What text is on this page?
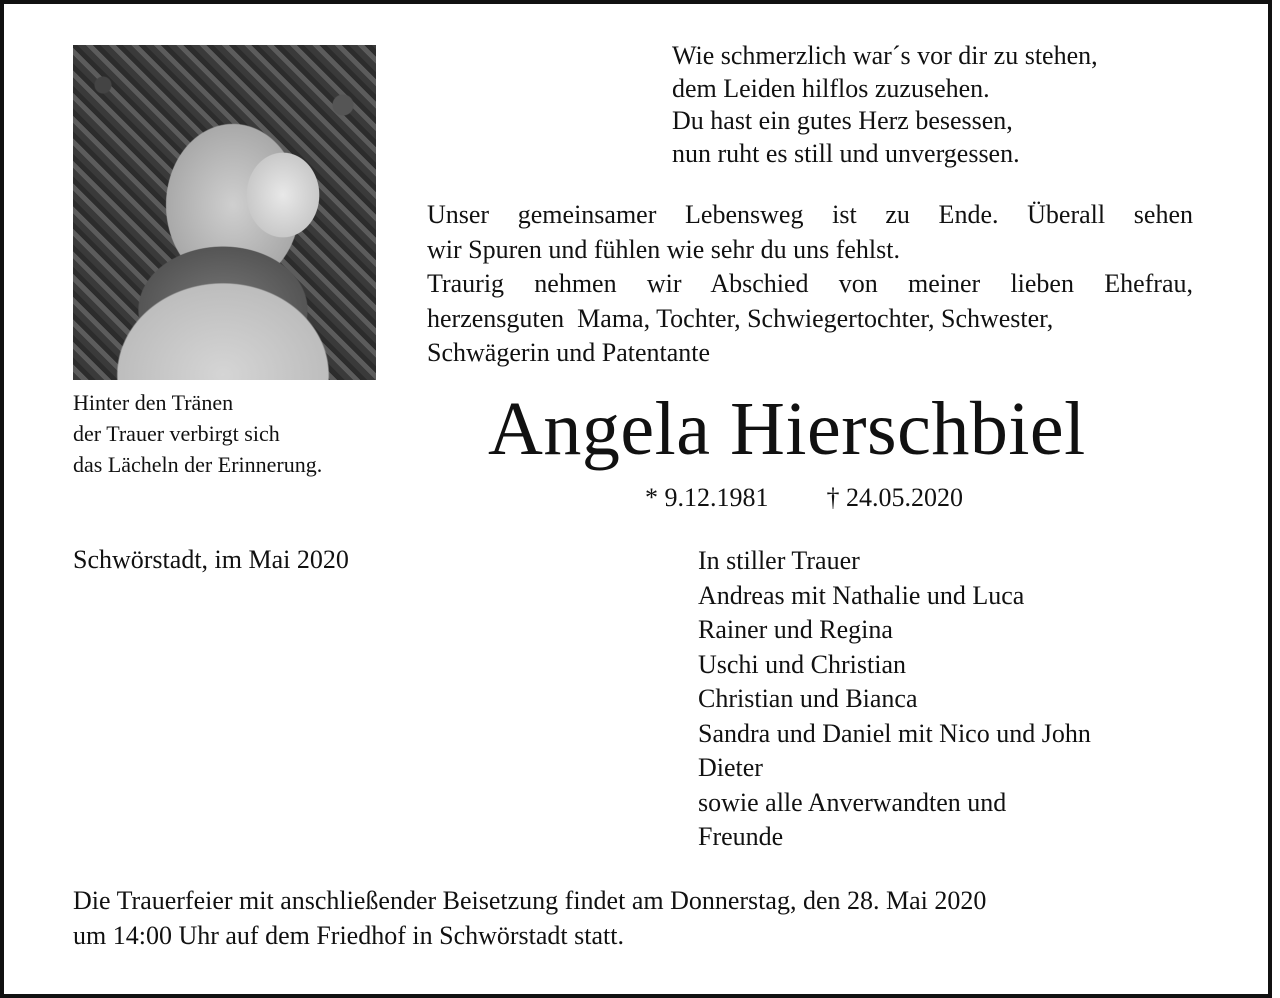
Hinter den Tränen
der Trauer verbirgt sich
das Lächeln der Erinnerung.
Wie schmerzlich war´s vor dir zu stehen,
dem Leiden hilflos zuzusehen.
Du hast ein gutes Herz besessen,
nun ruht es still und unvergessen.
Unser gemeinsamer Lebensweg ist zu Ende. Überall sehen
wir Spuren und fühlen wie sehr du uns fehlst.
Traurig nehmen wir Abschied von meiner lieben Ehefrau,
herzensguten  Mama, Tochter, Schwiegertochter, Schwester,
Schwägerin und Patentante
Angela Hierschbiel
* 9.12.1981 † 24.05.2020
Schwörstadt, im Mai 2020	In stiller Trauer
Andreas mit Nathalie und Luca
Rainer und Regina
Uschi und Christian
Christian und Bianca
Sandra und Daniel mit Nico und John
Dieter
sowie alle Anverwandten und
Freunde
Die Trauerfeier mit anschließender Beisetzung findet am Donnerstag, den 28. Mai 2020
um 14:00 Uhr auf dem Friedhof in Schwörstadt statt.
